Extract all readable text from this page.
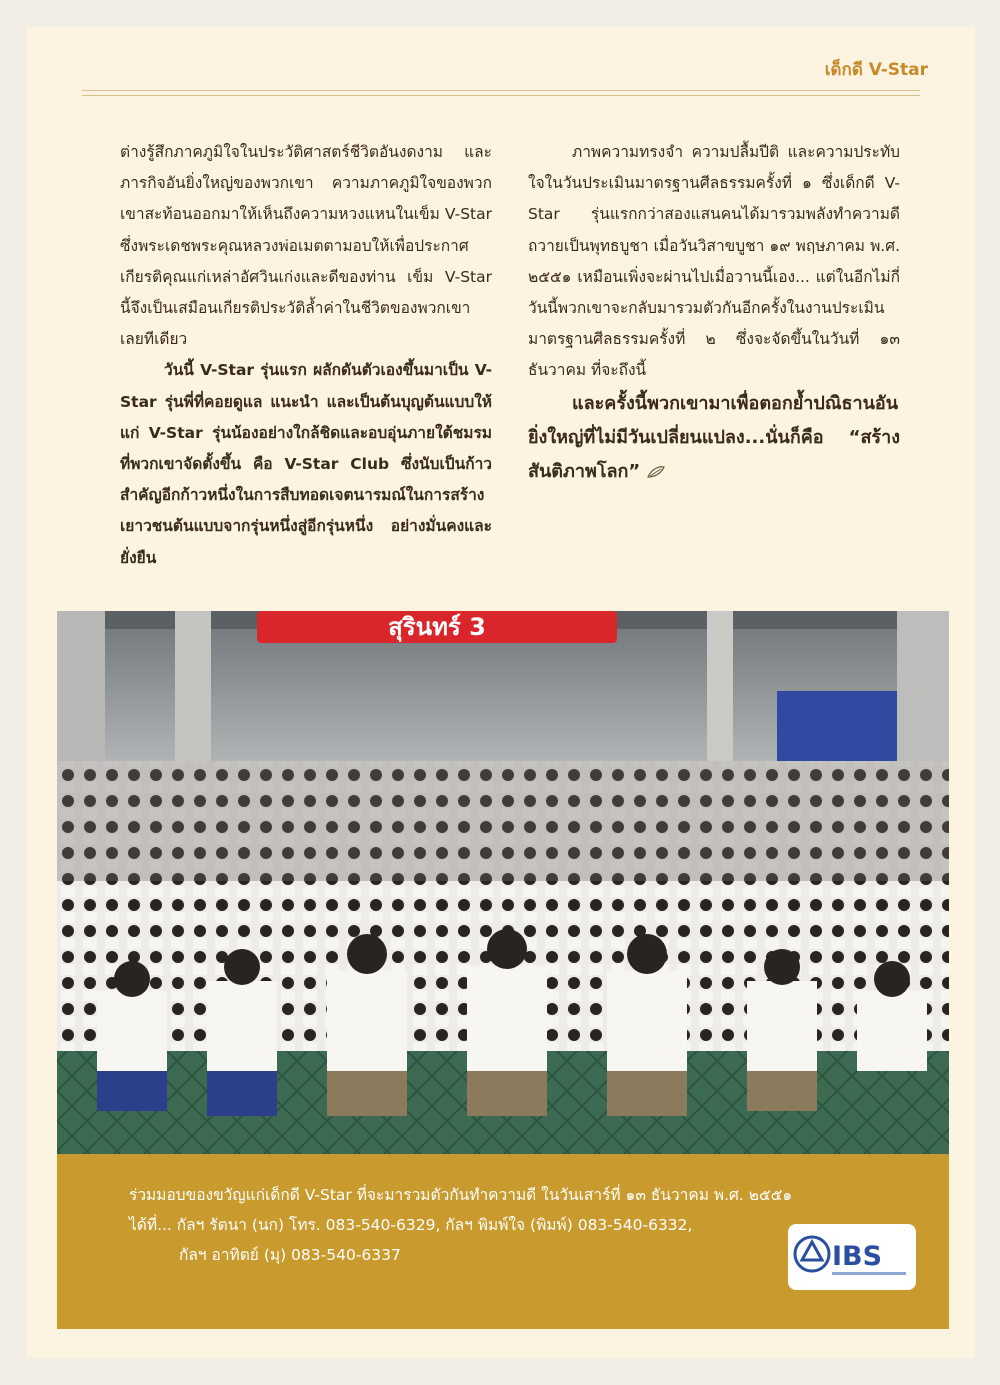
เด็กดี V-Star

ต่างรู้สึกภาคภูมิใจในประวัติศาสตร์ชีวิตอันงดงาม และภารกิจอันยิ่งใหญ่ของพวกเขา ความภาคภูมิใจของพวกเขาสะท้อนออกมาให้เห็นถึงความหวงแหนในเข็ม V-Star ซึ่งพระเดชพระคุณหลวงพ่อเมตตามอบให้เพื่อประกาศเกียรติคุณแก่เหล่าอัศวินเก่งและดีของท่าน เข็ม V-Star นี้จึงเป็นเสมือนเกียรติประวัติล้ำค่าในชีวิตของพวกเขาเลยทีเดียว

วันนี้ V-Star รุ่นแรก ผลักดันตัวเองขึ้นมาเป็น V-Star รุ่นพี่ที่คอยดูแล แนะนำ และเป็นต้นบุญต้นแบบให้แก่ V-Star รุ่นน้องอย่างใกล้ชิดและอบอุ่นภายใต้ชมรมที่พวกเขาจัดตั้งขึ้น คือ V-Star Club ซึ่งนับเป็นก้าวสำคัญอีกก้าวหนึ่งในการสืบทอดเจตนารมณ์ในการสร้างเยาวชนต้นแบบจากรุ่นหนึ่งสู่อีกรุ่นหนึ่ง อย่างมั่นคงและยั่งยืน

ภาพความทรงจำ ความปลื้มปีติ และความประทับใจในวันประเมินมาตรฐานศีลธรรมครั้งที่ ๑ ซึ่งเด็กดี V-Star รุ่นแรกกว่าสองแสนคนได้มารวมพลังทำความดีถวายเป็นพุทธบูชา เมื่อวันวิสาขบูชา ๑๙ พฤษภาคม พ.ศ. ๒๕๕๑ เหมือนเพิ่งจะผ่านไปเมื่อวานนี้เอง... แต่ในอีกไม่กี่วันนี้พวกเขาจะกลับมารวมตัวกันอีกครั้งในงานประเมินมาตรฐานศีลธรรมครั้งที่ ๒ ซึ่งจะจัดขึ้นในวันที่ ๑๓ ธันวาคม ที่จะถึงนี้

และครั้งนี้พวกเขามาเพื่อตอกย้ำปณิธานอันยิ่งใหญ่ที่ไม่มีวันเปลี่ยนแปลง...นั่นก็คือ “สร้างสันติภาพโลก”

สุรินทร์ 3
ร่วมมอบของขวัญแก่เด็กดี V-Star ที่จะมารวมตัวกันทำความดี ในวันเสาร์ที่ ๑๓ ธันวาคม พ.ศ. ๒๕๕๑
ได้ที่... กัลฯ รัตนา (นก) โทร. 083-540-6329, กัลฯ พิมพ์ใจ (พิมพ์) 083-540-6332,
กัลฯ อาทิตย์ (มุ) 083-540-6337	IBS
